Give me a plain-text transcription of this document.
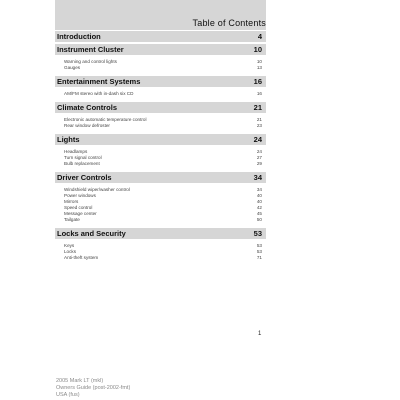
Table of Contents
Introduction	4
Instrument Cluster	10
Warning and control lights	10
Gauges	13
Entertainment Systems	16
AM/FM stereo with in-dash six CD	16
Climate Controls	21
Electronic automatic temperature control	21
Rear window defroster	23
Lights	24
Headlamps	24
Turn signal control	27
Bulb replacement	29
Driver Controls	34
Windshield wiper/washer control	34
Power windows	40
Mirrors	40
Speed control	42
Message center	45
Tailgate	50
Locks and Security	53
Keys	53
Locks	53
Anti-theft system	71
1
2005 Mark LT (mkl)
Owners Guide (post-2002-fmt)
USA (fus)
